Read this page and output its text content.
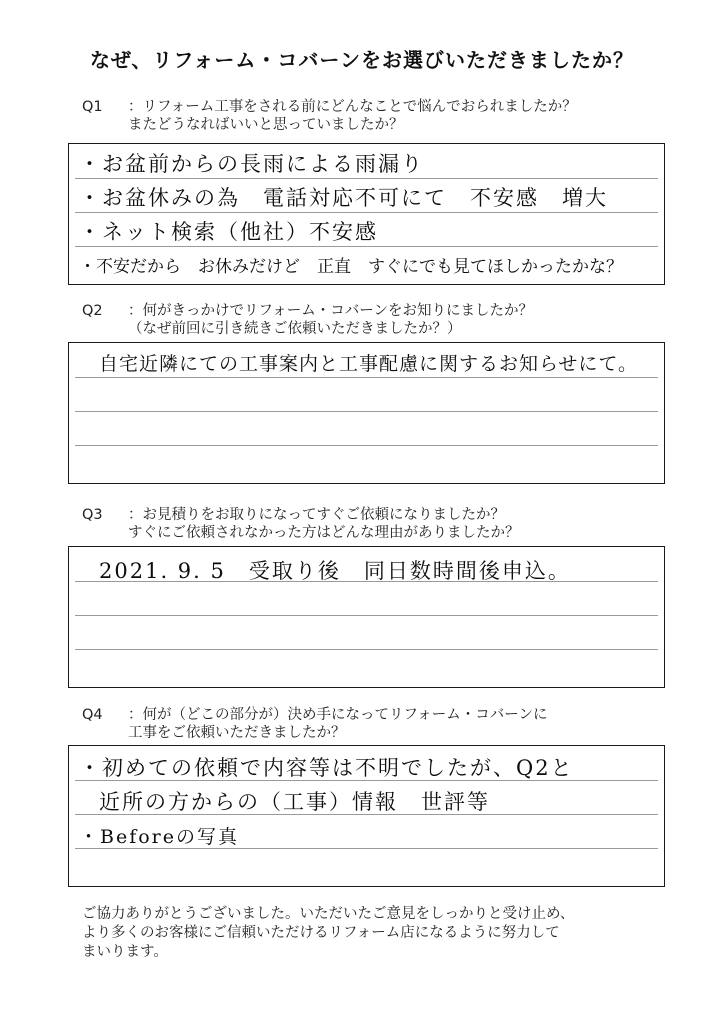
なぜ、リフォーム・コバーンをお選びいただきましたか？
Q1 ：リフォーム工事をされる前にどんなことで悩んでおられましたか？
またどうなればいいと思っていましたか？
・お盆前からの長雨による雨漏り
・お盆休みの為　電話対応不可にて　不安感　増大
・ネット検索（他社）不安感
・不安だから　お休みだけど　正直　すぐにでも見てほしかったかな？
Q2 ：何がきっかけでリフォーム・コバーンをお知りにましたか？
（なぜ前回に引き続きご依頼いただきましたか？）
自宅近隣にての工事案内と工事配慮に関するお知らせにて。
Q3 ：お見積りをお取りになってすぐご依頼になりましたか？
すぐにご依頼されなかった方はどんな理由がありましたか？
2021. 9. 5　受取り後　同日数時間後申込。
Q4 ：何が（どこの部分が）決め手になってリフォーム・コバーンに
工事をご依頼いただきましたか？
・初めての依頼で内容等は不明でしたが、Q2と
近所の方からの（工事）情報　世評等
・Beforeの写真
ご協力ありがとうございました。いただいたご意見をしっかりと受け止め、
より多くのお客様にご信頼いただけるリフォーム店になるように努力して
まいります。
